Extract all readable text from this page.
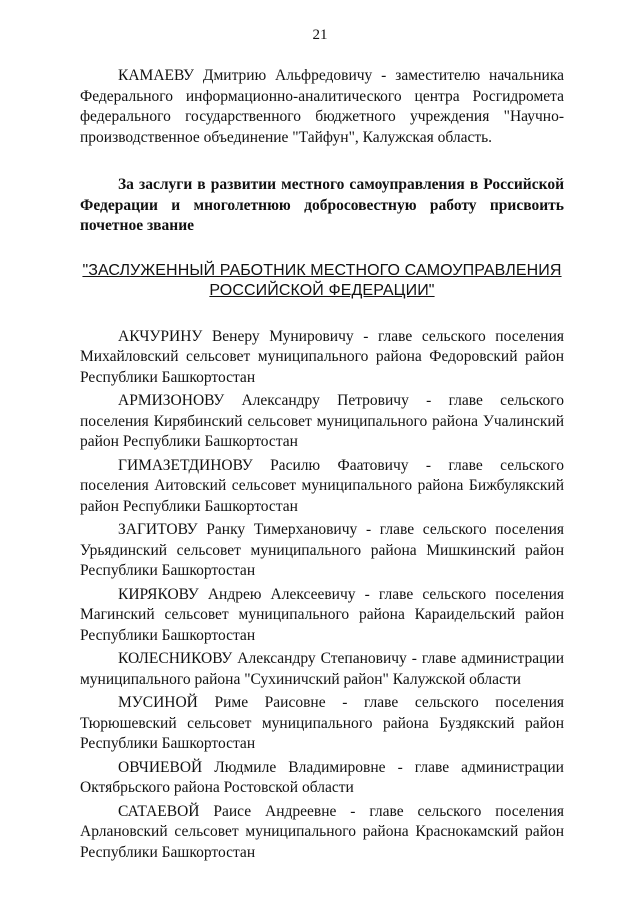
21

КАМАЕВУ Дмитрию Альфредовичу - заместителю начальника Федерального информационно-аналитического центра Росгидромета федерального государственного бюджетного учреждения "Научно-производственное объединение "Тайфун", Калужская область.

За заслуги в развитии местного самоуправления в Российской Федерации и многолетнюю добросовестную работу присвоить почетное звание

"ЗАСЛУЖЕННЫЙ РАБОТНИК МЕСТНОГО САМОУПРАВЛЕНИЯ
РОССИЙСКОЙ ФЕДЕРАЦИИ"

АКЧУРИНУ Венеру Мунировичу - главе сельского поселения Михайловский сельсовет муниципального района Федоровский район Республики Башкортостан

АРМИЗОНОВУ Александру Петровичу - главе сельского поселения Кирябинский сельсовет муниципального района Учалинский район Республики Башкортостан

ГИМАЗЕТДИНОВУ Расилю Фаатовичу - главе сельского поселения Аитовский сельсовет муниципального района Бижбулякский район Республики Башкортостан

ЗАГИТОВУ Ранку Тимерхановичу - главе сельского поселения Урьядинский сельсовет муниципального района Мишкинский район Республики Башкортостан

КИРЯКОВУ Андрею Алексеевичу - главе сельского поселения Магинский сельсовет муниципального района Караидельский район Республики Башкортостан

КОЛЕСНИКОВУ Александру Степановичу - главе администрации муниципального района "Сухиничский район" Калужской области

МУСИНОЙ Риме Раисовне - главе сельского поселения Тюрюшевский сельсовет муниципального района Буздякский район Республики Башкортостан

ОВЧИЕВОЙ Людмиле Владимировне - главе администрации Октябрьского района Ростовской области

САТАЕВОЙ Раисе Андреевне - главе сельского поселения Арлановский сельсовет муниципального района Краснокамский район Республики Башкортостан
